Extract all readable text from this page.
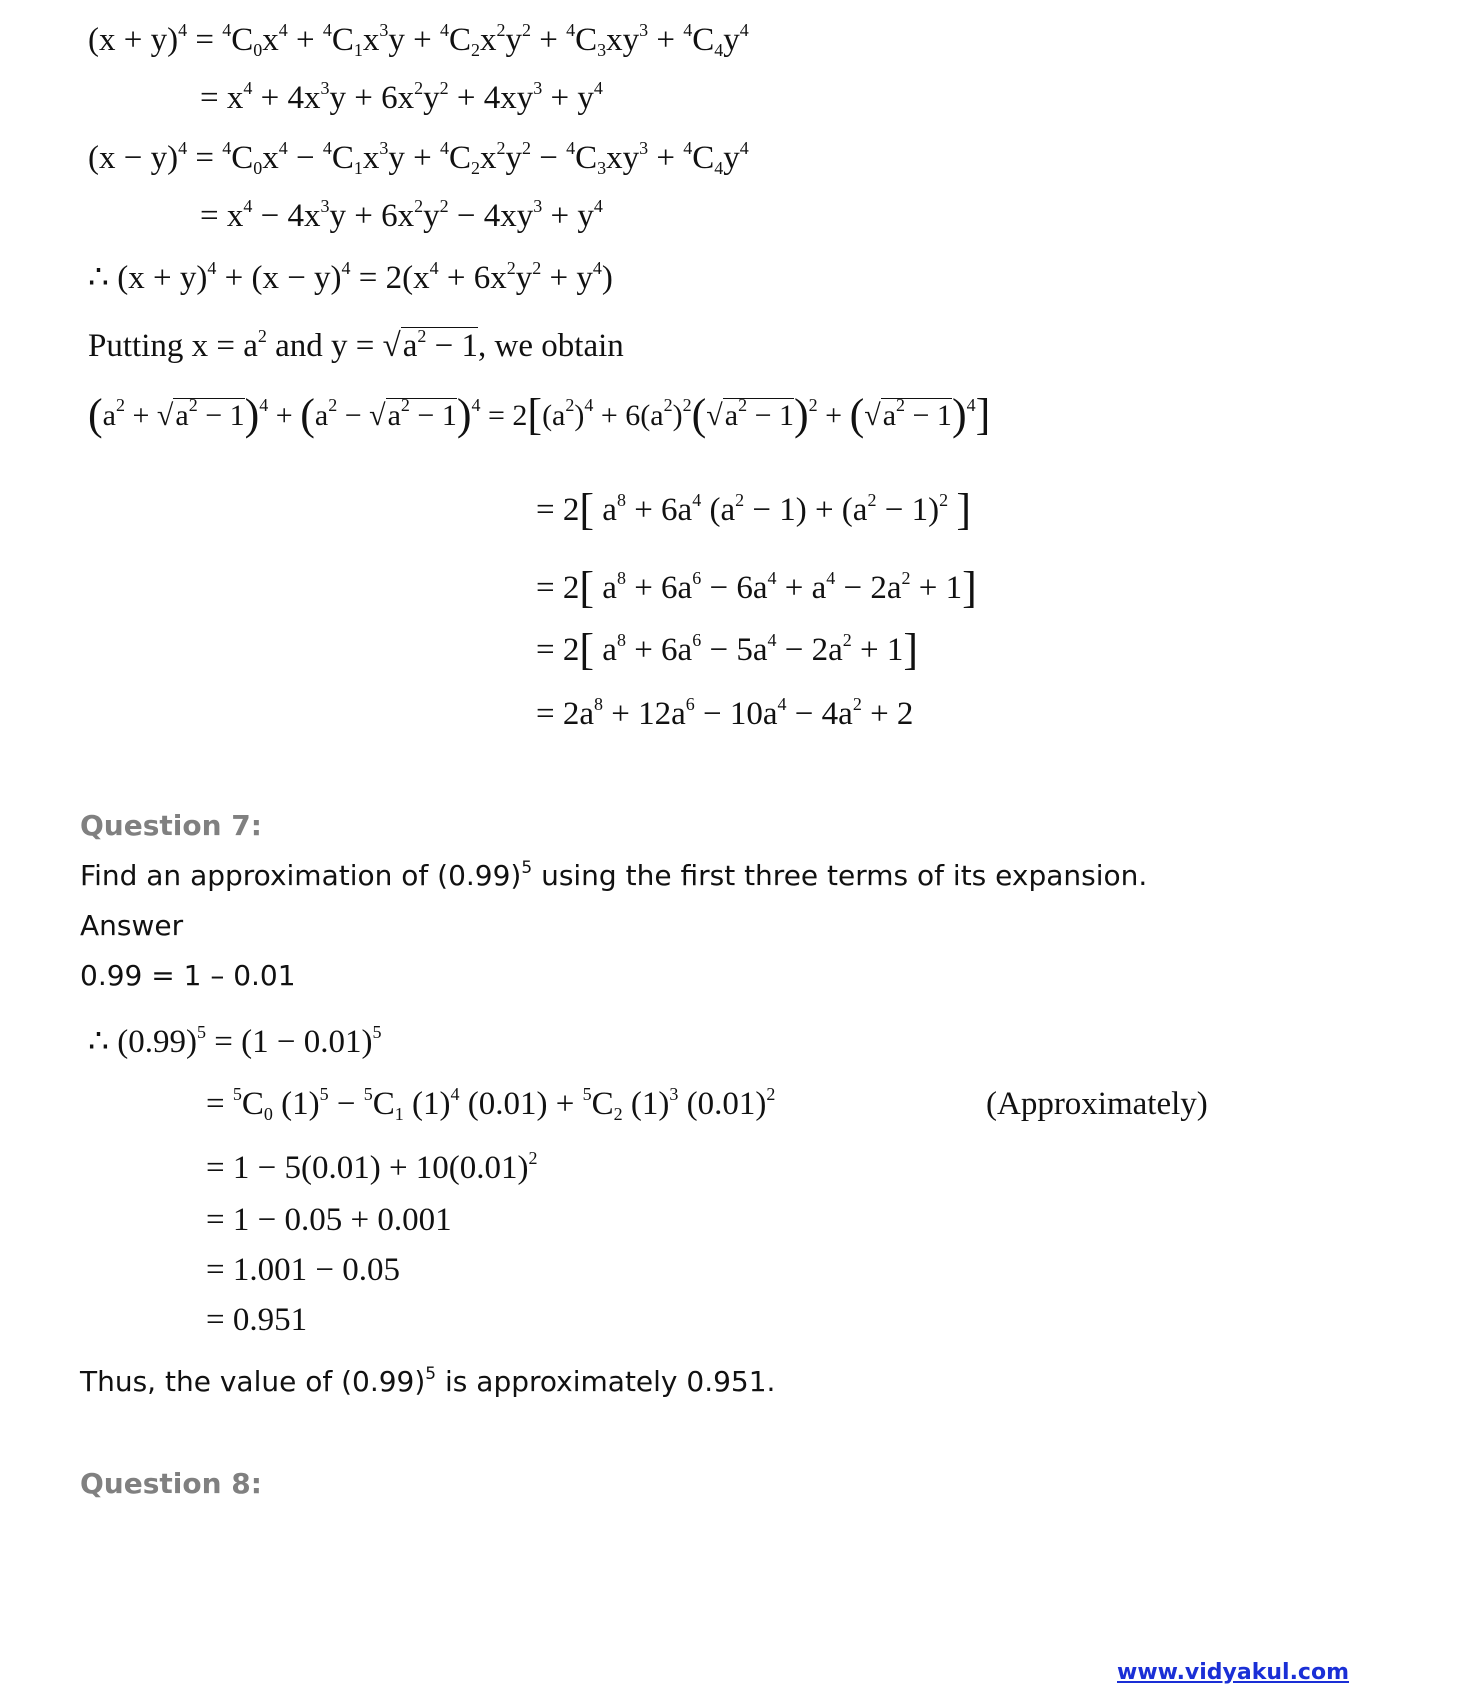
$(x + y)^4 = ^4C_0x^4 + ^4C_1x^3y + ^4C_2x^2y^2 + ^4C_3xy^3 + ^4C_4y^4$
= $x^4 + 4x^3y + 6x^2y^2 + 4xy^3 + y^4$
$(x - y)^4 = ^4C_0x^4 - ^4C_1x^3y + ^4C_2x^2y^2 - ^4C_3xy^3 + ^4C_4y^4$
= $x^4 - 4x^3y + 6x^2y^2 - 4xy^3 + y^4$
∴ $(x + y)^4 + (x - y)^4 = 2(x^4 + 6x^2y^2 + y^4)$
Putting $x = a^2$ and $y = √a^2 - 1$, we obtain
$(a^2 + √a^2 - 1)^4 + (a^2 - √a^2 - 1)^4 = 2[(a^2)^4 + 6(a^2)^2(√a^2 - 1)^2 + (√a^2 - 1)^4]$
= 2[ $a^8 + 6a^4$ $(a^2 - 1) + (a^2 - 1)^2$ ]
= 2[ $a^8 + 6a^6 - 6a^4 + a^4 - 2a^2 + 1$]
= 2[ $a^8 + 6a^6 - 5a^4 - 2a^2 + 1$]
= $2a^8 + 12a^6 - 10a^4 - 4a^2 + 2$
Question 7:
Find an approximation of $(0.99)^5$ using the first three terms of its expansion.
Answer
0.99 = 1 – 0.01
∴ $(0.99)^5 = (1 - 0.01)^5$
= $^5C_0$ $(1)^5 - ^5C_1$ $(1)^4$ $(0.01) + ^5C_2$ $(1)^3$ $(0.01)^2$	(Approximately)
= $1 - 5(0.01) + 10(0.01)^2$
= 1 − 0.05 + 0.001
= 1.001 − 0.05
= 0.951
Thus, the value of $(0.99)^5$ is approximately 0.951.
Question 8:
www.vidyakul.com
